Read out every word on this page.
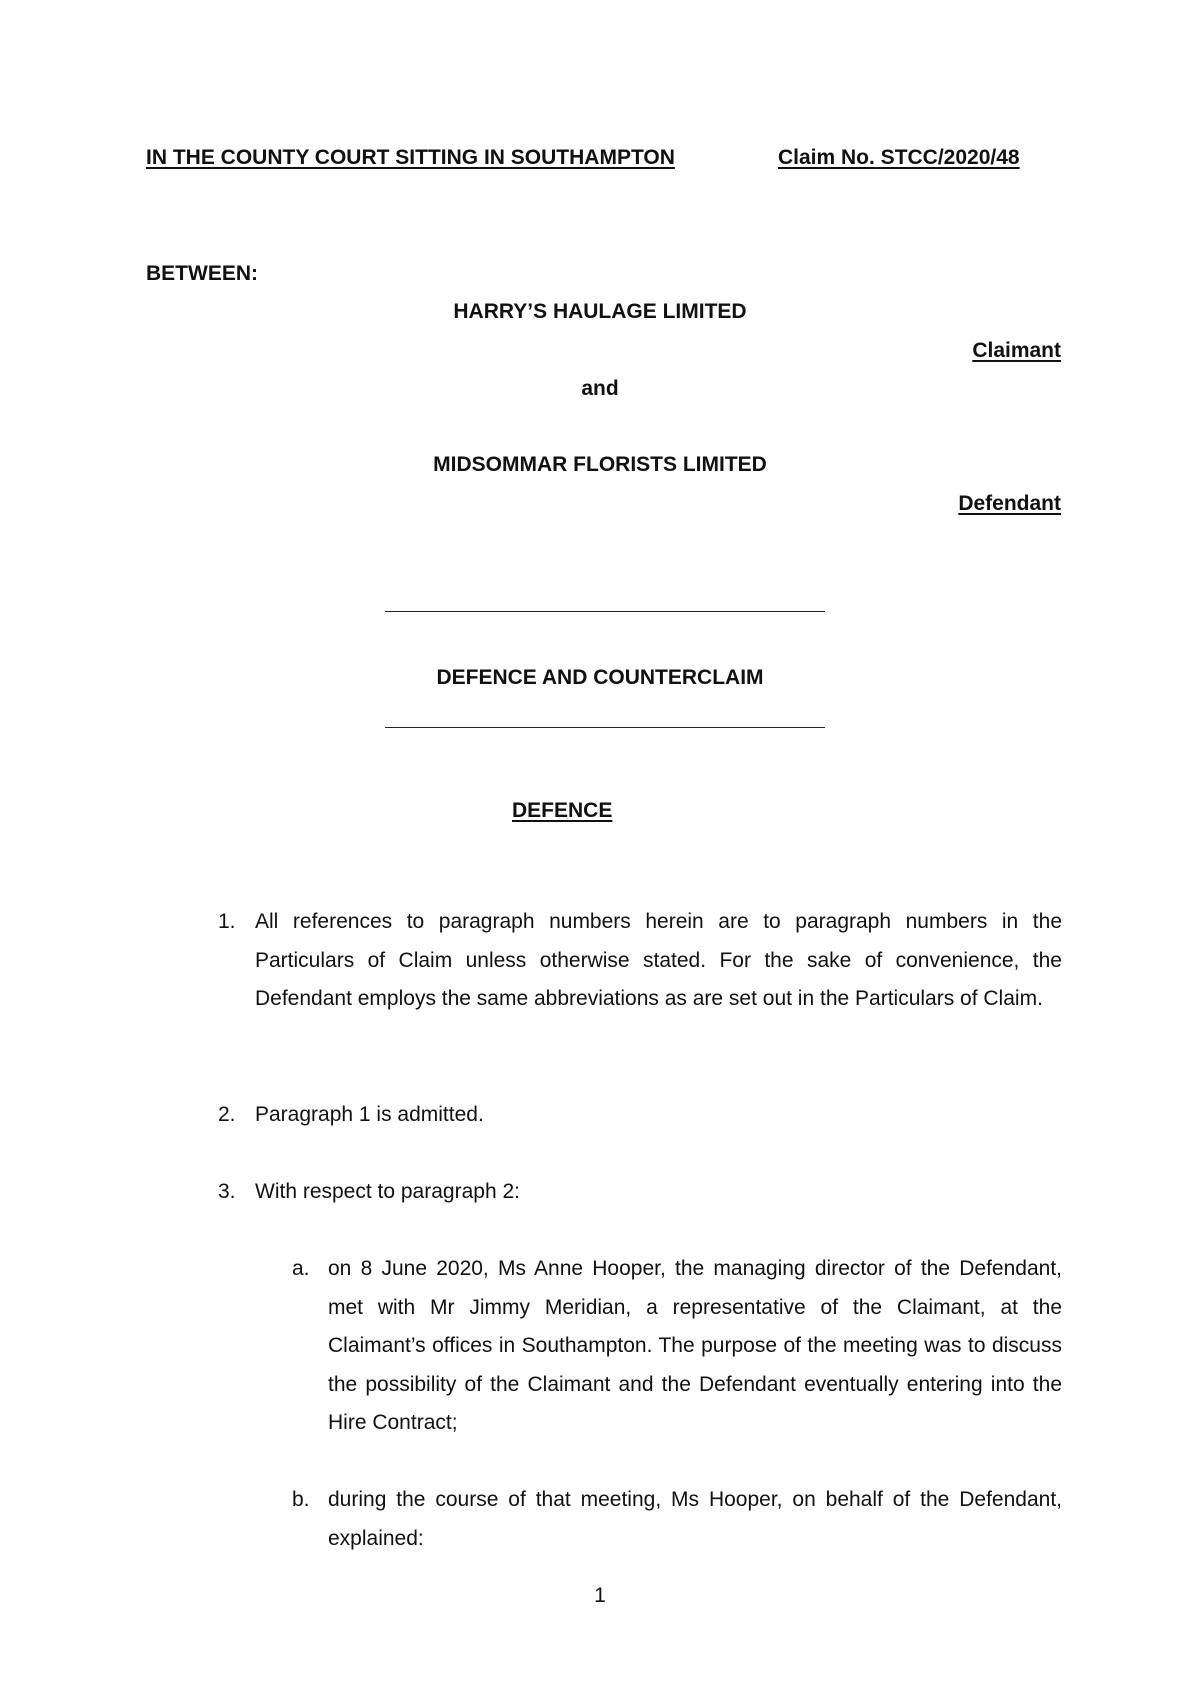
IN THE COUNTY COURT SITTING IN SOUTHAMPTON	Claim No. STCC/2020/48
BETWEEN:
HARRY’S HAULAGE LIMITED
Claimant
and
MIDSOMMAR FLORISTS LIMITED
Defendant
DEFENCE AND COUNTERCLAIM
DEFENCE
1. All references to paragraph numbers herein are to paragraph numbers in the Particulars of Claim unless otherwise stated. For the sake of convenience, the Defendant employs the same abbreviations as are set out in the Particulars of Claim.
2. Paragraph 1 is admitted.
3. With respect to paragraph 2:
a. on 8 June 2020, Ms Anne Hooper, the managing director of the Defendant, met with Mr Jimmy Meridian, a representative of the Claimant, at the Claimant’s offices in Southampton. The purpose of the meeting was to discuss the possibility of the Claimant and the Defendant eventually entering into the Hire Contract;
b. during the course of that meeting, Ms Hooper, on behalf of the Defendant, explained:
1
